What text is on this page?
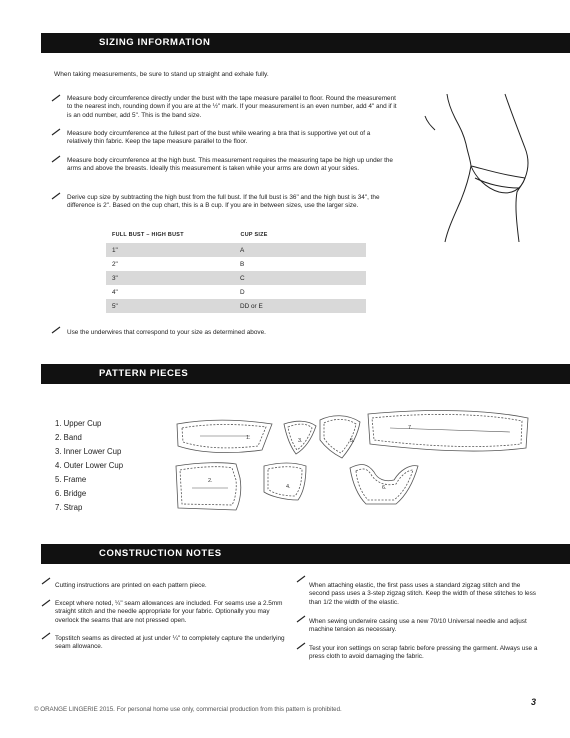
SIZING INFORMATION
When taking measurements, be sure to stand up straight and exhale fully.
Measure body circumference directly under the bust with the tape measure parallel to floor. Round the measurement to the nearest inch, rounding down if you are at the ½" mark. If your measurement is an even number, add 4" and if it is an odd number, add 5". This is the band size.
Measure body circumference at the fullest part of the bust while wearing a bra that is supportive yet out of a relatively thin fabric. Keep the tape measure parallel to the floor.
Measure body circumference at the high bust. This measurement requires the measuring tape be high up under the arms and above the breasts. Ideally this measurement is taken while your arms are down at your sides.
Derive cup size by subtracting the high bust from the full bust. If the full bust is 36" and the high bust is 34", the difference is 2". Based on the cup chart, this is a B cup. If you are in between sizes, use the larger size.
FULL BUST – HIGH BUST	CUP SIZE
1"	A
2"	B
3"	C
4"	D
5"	DD or E
Use the underwires that correspond to your size as determined above.
PATTERN PIECES
1. Upper Cup
2. Band
3. Inner Lower Cup
4. Outer Lower Cup
5. Frame
6. Bridge
7. Strap
1.
2.
3.
4.
5.
6.
7.
CONSTRUCTION NOTES
Cutting instructions are printed on each pattern piece.
Except where noted, ¼" seam allowances are included. For seams use a 2.5mm straight stitch and the needle appropriate for your fabric. Optionally you may overlock the seams that are not pressed open.
Topstitch seams as directed at just under ¼" to completely capture the underlying seam allowance.
When attaching elastic, the first pass uses a standard zigzag stitch and the second pass uses a 3-step zigzag stitch. Keep the width of these stitches to less than 1/2 the width of the elastic.
When sewing underwire casing use a new 70/10 Universal needle and adjust machine tension as necessary.
Test your iron settings on scrap fabric before pressing the garment. Always use a press cloth to avoid damaging the fabric.
© ORANGE LINGERIE 2015. For personal home use only, commercial production from this pattern is prohibited.
3
